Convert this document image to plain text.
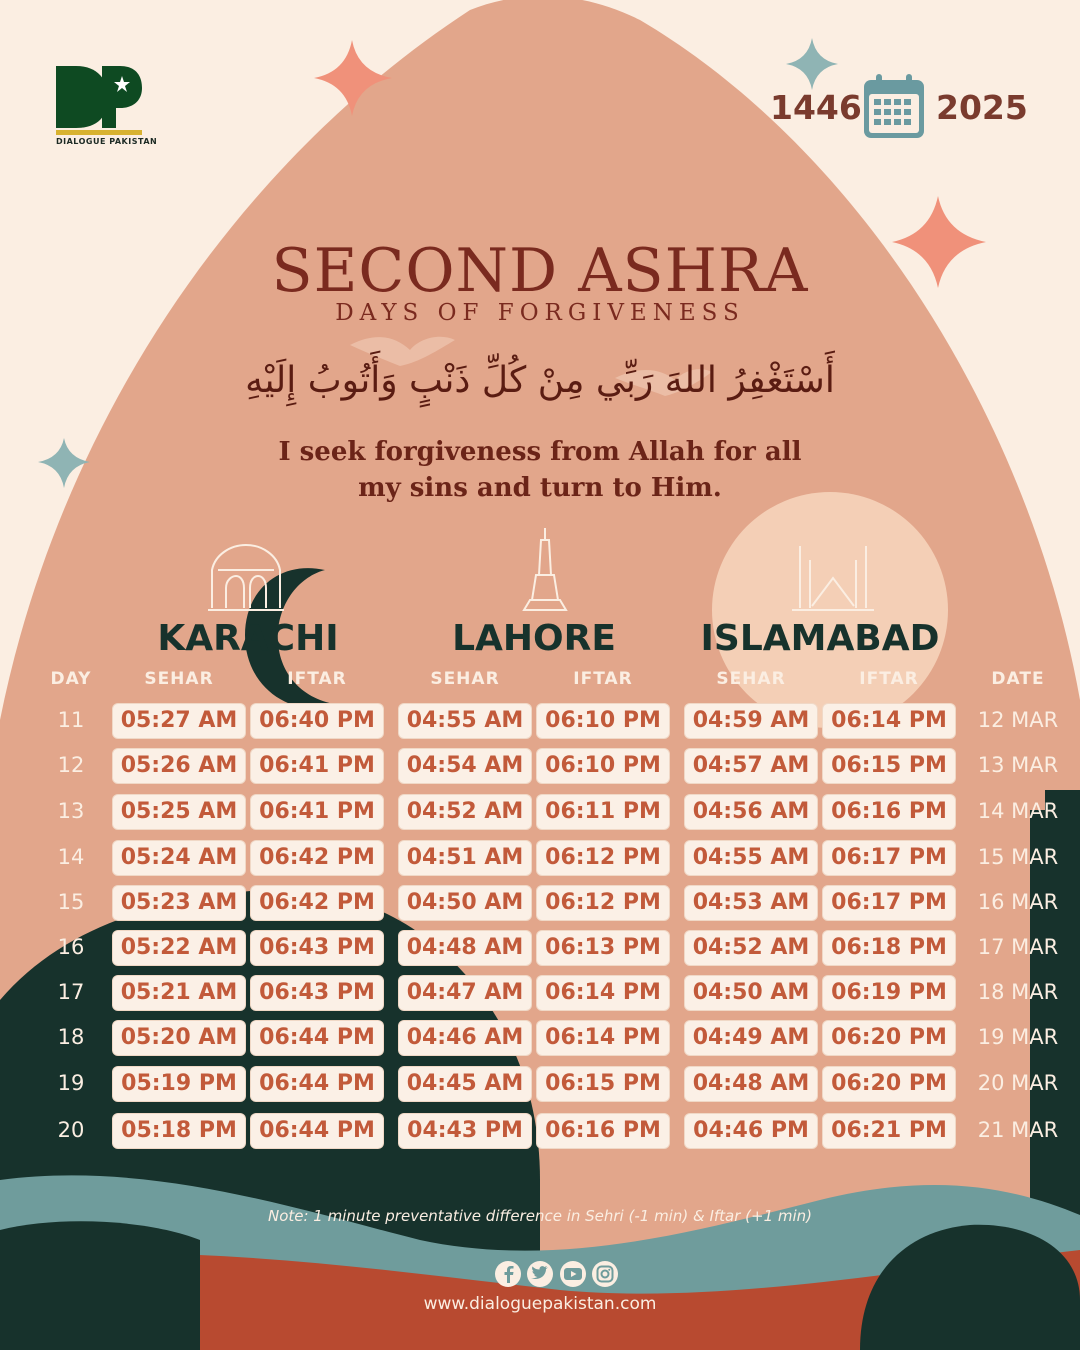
DIALOGUE PAKISTAN
1446 2025
SECOND ASHRA
DAYS OF FORGIVENESS
أَسْتَغْفِرُ اللهَ رَبِّي مِنْ كُلِّ ذَنْبٍ وَأَتُوبُ إِلَيْهِ
I seek forgiveness from Allah for all
my sins and turn to Him.
KARACHI	LAHORE	ISLAMABAD
DAY	SEHAR	IFTAR	SEHAR	IFTAR	SEHAR	IFTAR	DATE
11	05:27 AM 06:40 PM	04:55 AM 06:10 PM	04:59 AM 06:14 PM	12 MAR
12	05:26 AM 06:41 PM	04:54 AM 06:10 PM	04:57 AM 06:15 PM	13 MAR
13	05:25 AM 06:41 PM	04:52 AM 06:11 PM	04:56 AM 06:16 PM	14 MAR
14	05:24 AM 06:42 PM	04:51 AM 06:12 PM	04:55 AM 06:17 PM	15 MAR
15	05:23 AM 06:42 PM	04:50 AM 06:12 PM	04:53 AM 06:17 PM	16 MAR
16	05:22 AM 06:43 PM	04:48 AM 06:13 PM	04:52 AM 06:18 PM	17 MAR
17	05:21 AM 06:43 PM	04:47 AM 06:14 PM	04:50 AM 06:19 PM	18 MAR
18	05:20 AM 06:44 PM	04:46 AM 06:14 PM	04:49 AM 06:20 PM	19 MAR
19	05:19 PM	06:44 PM	04:45 AM 06:15 PM	04:48 AM 06:20 PM	20 MAR
20	05:18 PM	06:44 PM	04:43 PM	06:16 PM	04:46 PM	06:21 PM	21 MAR
Note: 1 minute preventative difference in Sehri (-1 min) & Iftar (+1 min)
www.dialoguepakistan.com
